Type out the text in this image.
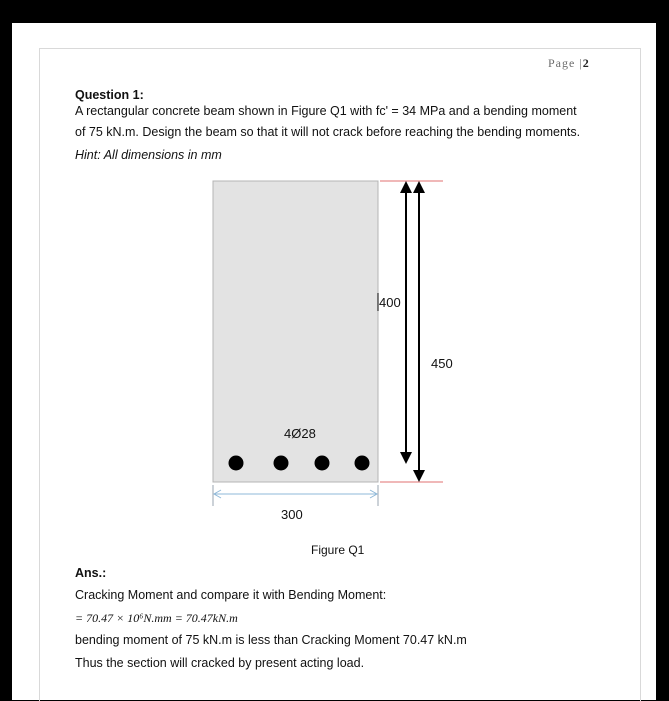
Page |2
Question 1:
A rectangular concrete beam shown in Figure Q1 with fc' = 34 MPa and a bending moment
of 75 kN.m. Design the beam so that it will not crack before reaching the bending moments.
Hint: All dimensions in mm
4Ø28
400
450
300
Figure Q1
Ans.:
Cracking Moment and compare it with Bending Moment:
= 70.47 × 10⁶N.mm = 70.47kN.m
bending moment of 75 kN.m is less than Cracking Moment 70.47 kN.m
Thus the section will cracked by present acting load.
